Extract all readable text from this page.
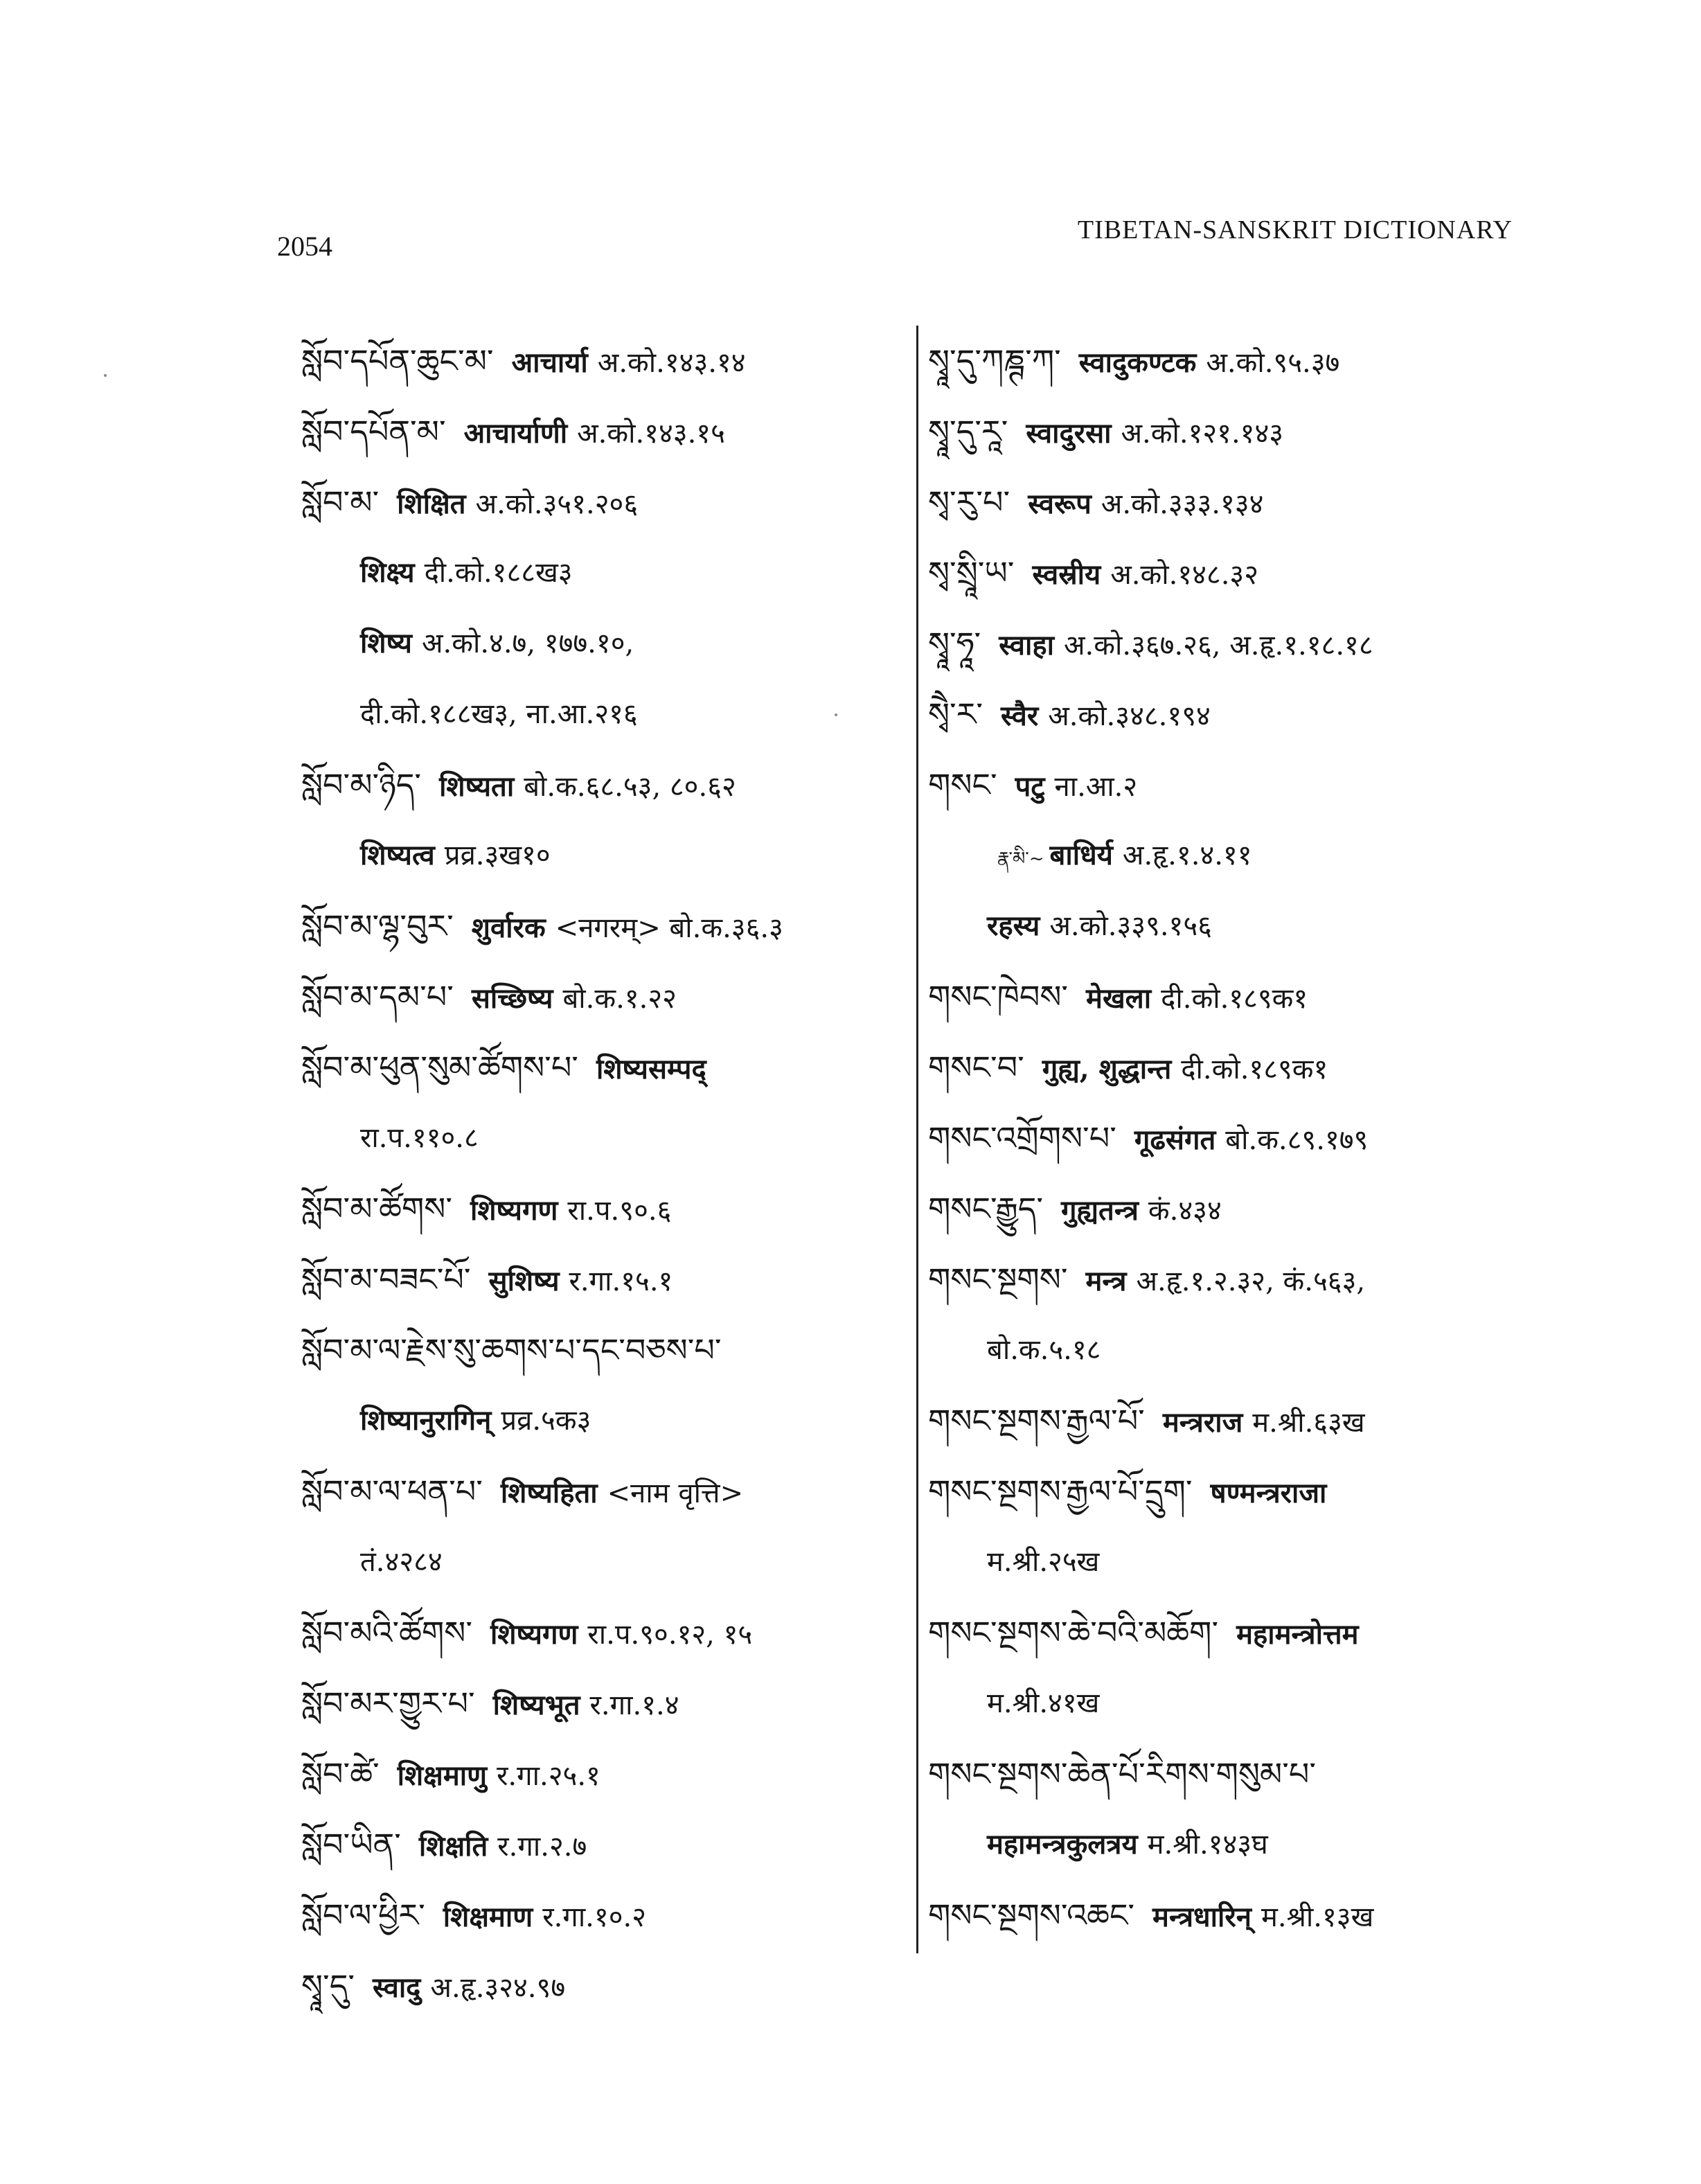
2054
TIBETAN-SANSKRIT DICTIONARY
སློབ་དཔོན་ཆུང་མ་ आचार्या अ.को.१४३.१४
སློབ་དཔོན་མ་ आचार्याणी अ.को.१४३.१५
སློབ་མ་ शिक्षित अ.को.३५१.२०६
शिक्ष्य दी.को.१८८ख३
शिष्य अ.को.४.७, १७७.१०,
दी.को.१८८ख३, ना.आ.२१६
སློབ་མ་ཉིད་ शिष्यता बो.क.६८.५३, ८०.६२
शिष्यत्व प्रव्र.३ख१०
སློབ་མ་ལྷ་བུར་ शुर्वारक <नगरम्> बो.क.३६.३
སློབ་མ་དམ་པ་ सच्छिष्य बो.क.१.२२
སློབ་མ་ཕུན་སུམ་ཚོགས་པ་ शिष्यसम्पद्
रा.प.११०.८
སློབ་མ་ཚོགས་ शिष्यगण रा.प.९०.६
སློབ་མ་བཟང་པོ་ सुशिष्य र.गा.१५.१
སློབ་མ་ལ་རྗེས་སུ་ཆགས་པ་དང་བཅས་པ་
शिष्यानुरागिन् प्रव्र.५क३
སློབ་མ་ལ་ཕན་པ་ शिष्यहिता <नाम वृत्ति>
तं.४२८४
སློབ་མའི་ཚོགས་ शिष्यगण रा.प.९०.१२, १५
སློབ་མར་གྱུར་པ་ शिष्यभूत र.गा.१.४
སློབ་ཚེ་ शिक्षमाणु र.गा.२५.१
སློབ་ཡིན་ शिक्षति र.गा.२.७
སློབ་ལ་ཕྱིར་ शिक्षमाण र.गा.१०.२
སྭཱ་དུ་ स्वादु अ.हृ.३२४.९७
སྭཱ་དུ་ཀཎྚ་ཀ་ स्वादुकण्टक अ.को.९५.३७
སྭཱ་དུ་རཱ་ स्वादुरसा अ.को.१२१.१४३
སྭ་རུ་པ་ स्वरूप अ.को.३३३.१३४
སྭ་སྲཱི་ཡ་ स्वस्रीय अ.को.१४८.३२
སྭཱ་ཧཱ་ स्वाहा अ.को.३६७.२६, अ.हृ.१.१८.१८
སྭཻ་ར་ स्वैर अ.को.३४८.१९४
གསང་ पटु ना.आ.२
རྣ་མི་~ बाधिर्य अ.हृ.१.४.११
रहस्य अ.को.३३९.१५६
གསང་ཁེབས་ मेखला दी.को.१८९क१
གསང་བ་ गुह्य, शुद्धान्त दी.को.१८९क१
གསང་འགྲོགས་པ་ गूढसंगत बो.क.८९.१७९
གསང་རྒྱུད་ गुह्यतन्त्र कं.४३४
གསང་སྔགས་ मन्त्र अ.हृ.१.२.३२, कं.५६३,
बो.क.५.१८
གསང་སྔགས་རྒྱལ་པོ་ मन्त्रराज म.श्री.६३ख
གསང་སྔགས་རྒྱལ་པོ་དྲུག་ षण्मन्त्रराजा
म.श्री.२५ख
གསང་སྔགས་ཆེ་བའི་མཆོག་ महामन्त्रोत्तम
म.श्री.४१ख
གསང་སྔགས་ཆེན་པོ་རིགས་གསུམ་པ་
महामन्त्रकुलत्रय म.श्री.१४३घ
གསང་སྔགས་འཆང་ मन्त्रधारिन् म.श्री.१३ख
